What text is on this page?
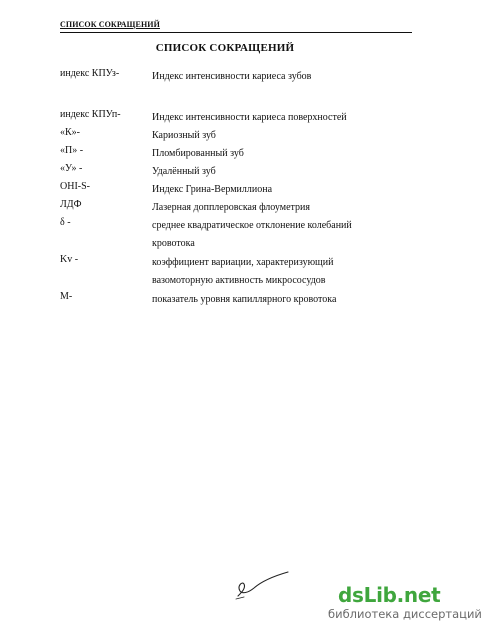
СПИСОК СОКРАЩЕНИЙ
СПИСОК СОКРАЩЕНИЙ
индекс КПУз-	Индекс интенсивности кариеса зубов
индекс КПУп-	Индекс интенсивности кариеса поверхностей
«К»-	Кариозный зуб
«П» -	Пломбированный зуб
«У» -	Удалённый зуб
OHI-S-	Индекс Грина-Вермиллиона
ЛДФ	Лазерная допплеровская флоуметрия
δ -	среднее квадратическое отклонение колебаний кровотока
Kv -	коэффициент вариации, характеризующий вазомоторную активность микрососудов
М-	показатель уровня капиллярного кровотока
dsLib.net
библиотека диссертаций
